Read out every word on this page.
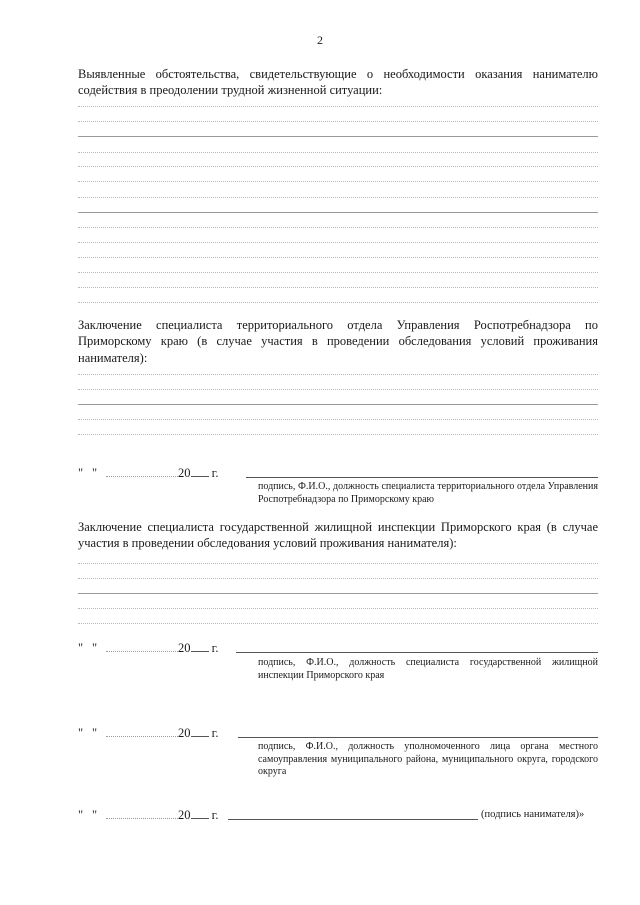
2
Выявленные обстоятельства, свидетельствующие о необходимости оказания нанимателю содействия в преодолении трудной жизненной ситуации:
Заключение специалиста территориального отдела Управления Роспотребнадзора по Приморскому краю (в случае участия в проведении обследования условий проживания нанимателя):
" "	20 г.
подпись, Ф.И.О., должность специалиста территориального отдела Управления Роспотребнадзора по Приморскому краю
Заключение специалиста государственной жилищной инспекции Приморского края (в случае участия в проведении обследования условий проживания нанимателя):
" "	20 г.
подпись, Ф.И.О., должность специалиста государственной жилищной инспекции Приморского края
" "	20 г.
подпись, Ф.И.О., должность уполномоченного лица органа местного самоуправления муниципального района, муниципального округа, городского округа
" "	20 г.	(подпись нанимателя)»
